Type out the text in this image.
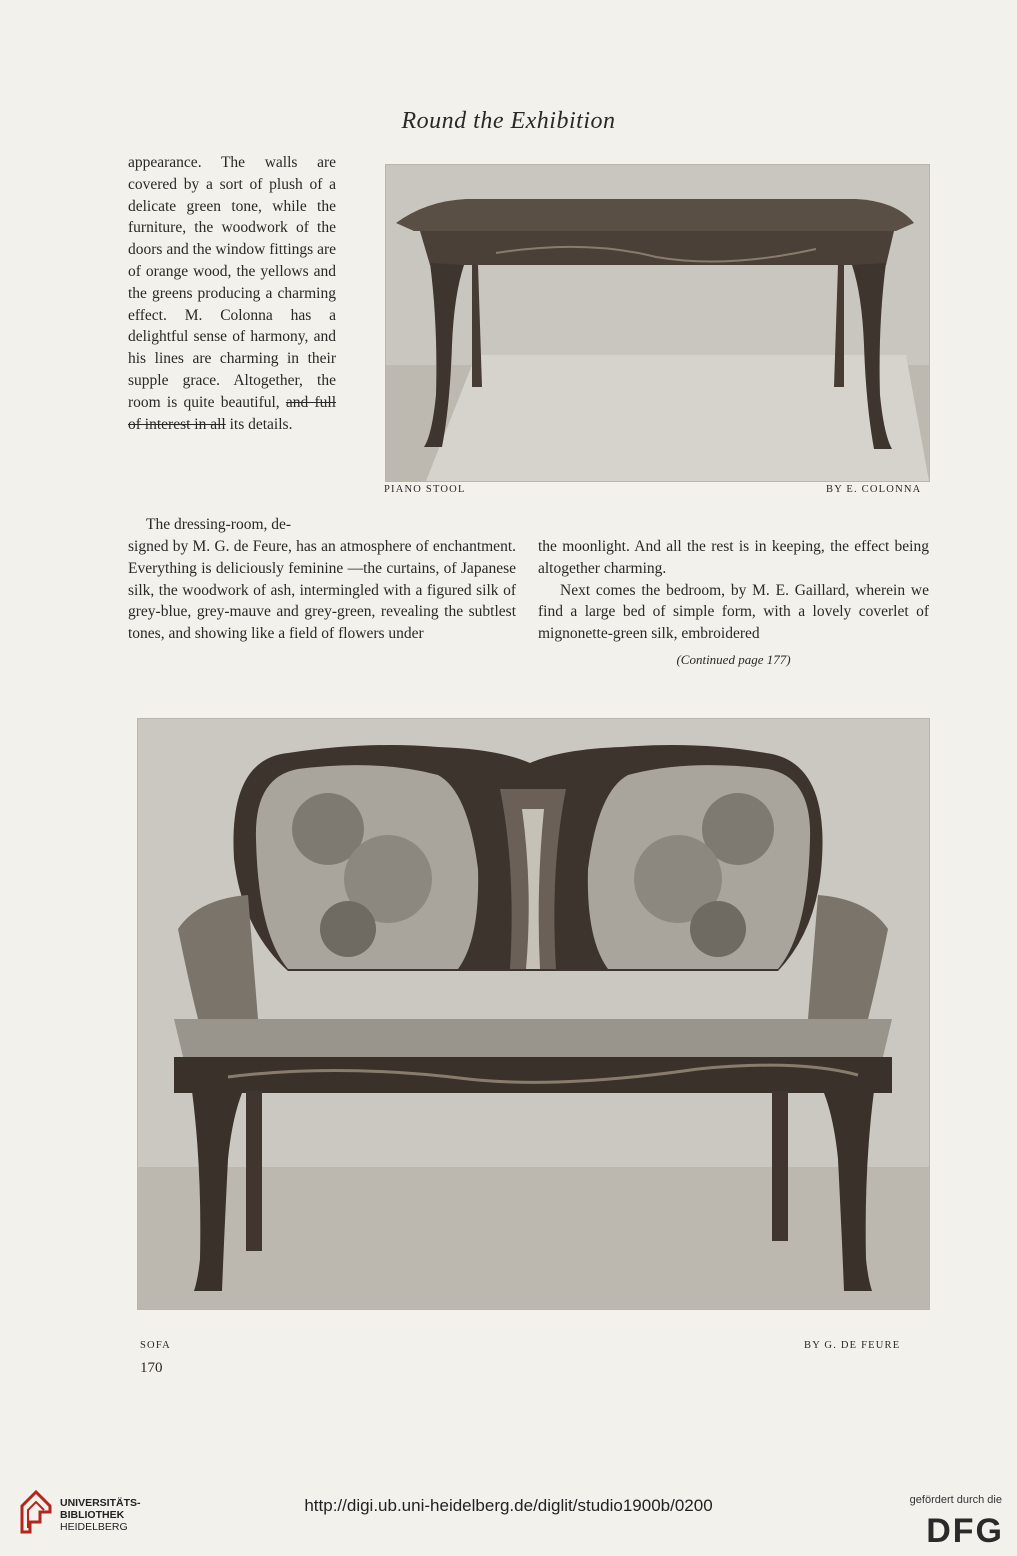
Round the Exhibition

appearance. The walls are covered by a sort of plush of a delicate green tone, while the furniture, the woodwork of the doors and the window fittings are of orange wood, the yellows and the greens producing a charming effect. M. Colonna has a delightful sense of harmony, and his lines are charming in their supple grace. Altogether, the room is quite beautiful, and full of interest in all its details.

PIANO STOOL	BY E. COLONNA

The dressing-room, de-

signed by M. G. de Feure, has an atmosphere of enchantment. Everything is deliciously feminine —the curtains, of Japanese silk, the woodwork of ash, intermingled with a figured silk of grey-blue, grey-mauve and grey-green, revealing the subtlest tones, and showing like a field of flowers under

the moonlight. And all the rest is in keeping, the effect being altogether charming.
Next comes the bedroom, by M. E. Gaillard, wherein we find a large bed of simple form, with a lovely coverlet of mignonette-green silk, embroidered
(Continued page 177)
SOFA	BY G. DE FEURE
170
UNIVERSITÄTS-
BIBLIOTHEK
HEIDELBERG
http://digi.ub.uni-heidelberg.de/diglit/studio1900b/0200	gefördert durch die
DFG
